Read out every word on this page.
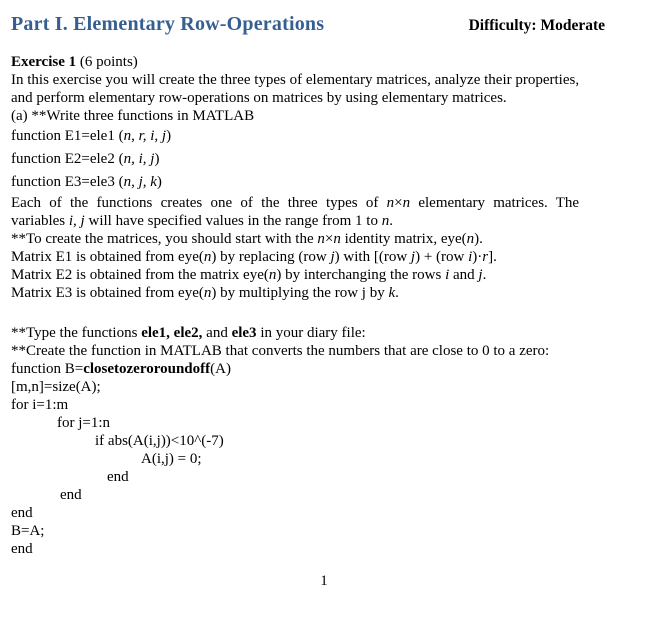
Part I. Elementary Row-Operations	Difficulty: Moderate
Exercise 1 (6 points)
In this exercise you will create the three types of elementary matrices, analyze their properties,
and perform elementary row-operations on matrices by using elementary matrices.
(a) **Write three functions in MATLAB
function E1=ele1 (n, r, i, j)
function E2=ele2 (n, i, j)
function E3=ele3 (n, j, k)
Each of the functions creates one of the three types of n×n elementary matrices. The
variables i, j will have specified values in the range from 1 to n.
**To create the matrices, you should start with the n×n identity matrix, eye(n).
Matrix E1 is obtained from eye(n) by replacing (row j) with [(row j) + (row i)·r].
Matrix E2 is obtained from the matrix eye(n) by interchanging the rows i and j.
Matrix E3 is obtained from eye(n) by multiplying the row j by k.

**Type the functions ele1, ele2, and ele3 in your diary file:
**Create the function in MATLAB that converts the numbers that are close to 0 to a zero:
function B=closetozeroroundoff(A)
[m,n]=size(A);
for i=1:m
for j=1:n
if abs(A(i,j))<10^(-7)
A(i,j) = 0;
end
end
end
B=A;
end
1
